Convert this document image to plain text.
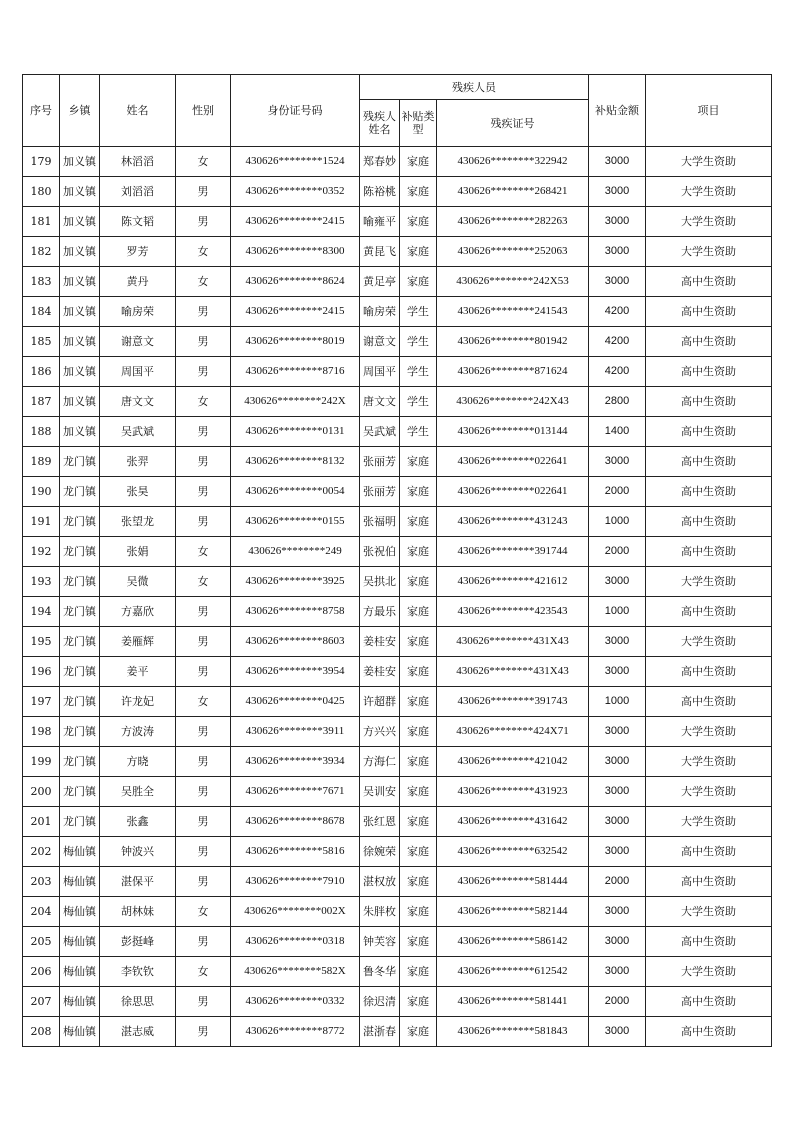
序号	乡镇	姓名	性别	身份证号码	残疾人员			补贴金额	项目
					残疾人姓名	补贴类型	残疾证号		
179	加义镇	林滔滔	女	430626********1524	郑春妙	家庭	430626********322942	3000	大学生资助
180	加义镇	刘滔滔	男	430626********0352	陈裕桃	家庭	430626********268421	3000	大学生资助
181	加义镇	陈文韬	男	430626********2415	喻雍平	家庭	430626********282263	3000	大学生资助
182	加义镇	罗芳	女	430626********8300	黄昆飞	家庭	430626********252063	3000	大学生资助
183	加义镇	黄丹	女	430626********8624	黄足亭	家庭	430626********242X53	3000	高中生资助
184	加义镇	喻房荣	男	430626********2415	喻房荣	学生	430626********241543	4200	高中生资助
185	加义镇	谢意文	男	430626********8019	谢意文	学生	430626********801942	4200	高中生资助
186	加义镇	周国平	男	430626********8716	周国平	学生	430626********871624	4200	高中生资助
187	加义镇	唐文文	女	430626********242X	唐文文	学生	430626********242X43	2800	高中生资助
188	加义镇	吴武斌	男	430626********0131	吴武斌	学生	430626********013144	1400	高中生资助
189	龙门镇	张羿	男	430626********8132	张丽芳	家庭	430626********022641	3000	高中生资助
190	龙门镇	张昊	男	430626********0054	张丽芳	家庭	430626********022641	2000	高中生资助
191	龙门镇	张望龙	男	430626********0155	张福明	家庭	430626********431243	1000	高中生资助
192	龙门镇	张娟	女	430626********249	张祝伯	家庭	430626********391744	2000	高中生资助
193	龙门镇	吴微	女	430626********3925	吴拱北	家庭	430626********421612	3000	大学生资助
194	龙门镇	方嘉欣	男	430626********8758	方最乐	家庭	430626********423543	1000	高中生资助
195	龙门镇	姜雁辉	男	430626********8603	姜桂安	家庭	430626********431X43	3000	大学生资助
196	龙门镇	姜平	男	430626********3954	姜桂安	家庭	430626********431X43	3000	高中生资助
197	龙门镇	许龙妃	女	430626********0425	许超群	家庭	430626********391743	1000	高中生资助
198	龙门镇	方波涛	男	430626********3911	方兴兴	家庭	430626********424X71	3000	大学生资助
199	龙门镇	方晓	男	430626********3934	方海仁	家庭	430626********421042	3000	大学生资助
200	龙门镇	吴胜全	男	430626********7671	吴训安	家庭	430626********431923	3000	大学生资助
201	龙门镇	张鑫	男	430626********8678	张红恩	家庭	430626********431642	3000	大学生资助
202	梅仙镇	钟波兴	男	430626********5816	徐婉荣	家庭	430626********632542	3000	高中生资助
203	梅仙镇	湛保平	男	430626********7910	湛权放	家庭	430626********581444	2000	高中生资助
204	梅仙镇	胡林妹	女	430626********002X	朱胖枚	家庭	430626********582144	3000	大学生资助
205	梅仙镇	彭挺峰	男	430626********0318	钟芙容	家庭	430626********586142	3000	高中生资助
206	梅仙镇	李钦钦	女	430626********582X	鲁冬华	家庭	430626********612542	3000	大学生资助
207	梅仙镇	徐思思	男	430626********0332	徐迟清	家庭	430626********581441	2000	高中生资助
208	梅仙镇	湛志威	男	430626********8772	湛浙春	家庭	430626********581843	3000	高中生资助
